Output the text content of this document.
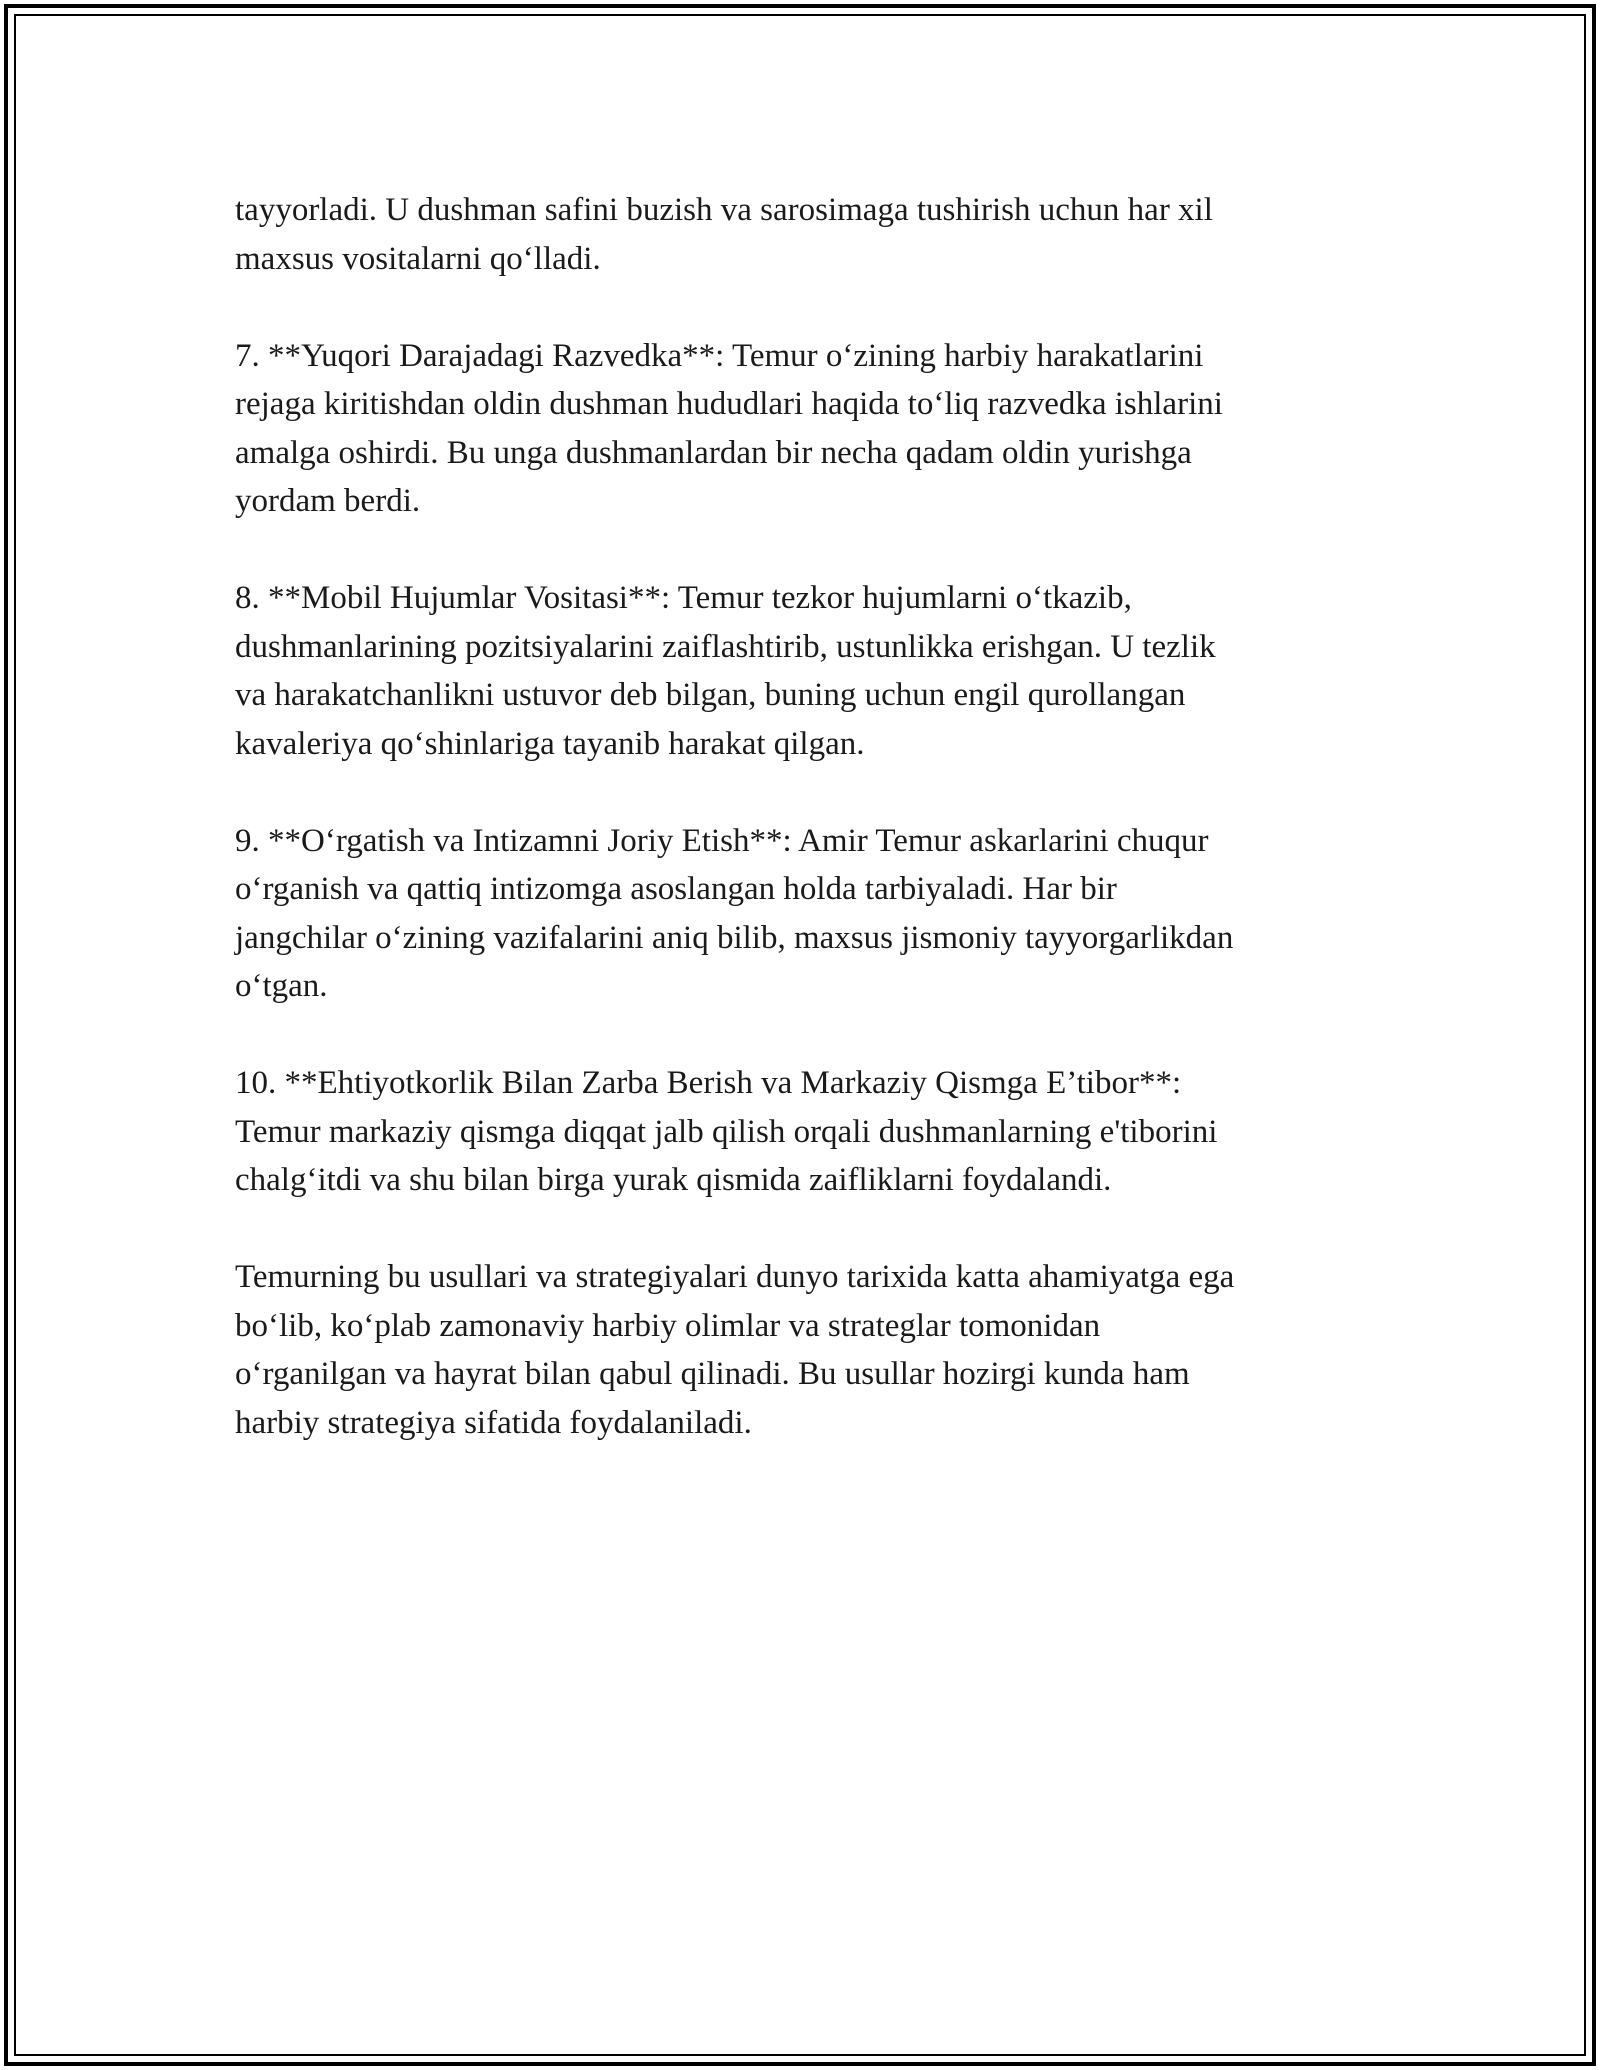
tayyorladi. U dushman safini buzish va sarosimaga tushirish uchun har xil
maxsus vositalarni qo‘lladi.

7. **Yuqori Darajadagi Razvedka**: Temur o‘zining harbiy harakatlarini
rejaga kiritishdan oldin dushman hududlari haqida to‘liq razvedka ishlarini
amalga oshirdi. Bu unga dushmanlardan bir necha qadam oldin yurishga
yordam berdi.

8. **Mobil Hujumlar Vositasi**: Temur tezkor hujumlarni o‘tkazib,
dushmanlarining pozitsiyalarini zaiflashtirib, ustunlikka erishgan. U tezlik
va harakatchanlikni ustuvor deb bilgan, buning uchun engil qurollangan
kavaleriya qo‘shinlariga tayanib harakat qilgan.

9. **O‘rgatish va Intizamni Joriy Etish**: Amir Temur askarlarini chuqur
o‘rganish va qattiq intizomga asoslangan holda tarbiyaladi. Har bir
jangchilar o‘zining vazifalarini aniq bilib, maxsus jismoniy tayyorgarlikdan
o‘tgan.

10. **Ehtiyotkorlik Bilan Zarba Berish va Markaziy Qismga E’tibor**:
Temur markaziy qismga diqqat jalb qilish orqali dushmanlarning e'tiborini
chalg‘itdi va shu bilan birga yurak qismida zaifliklarni foydalandi.

Temurning bu usullari va strategiyalari dunyo tarixida katta ahamiyatga ega
bo‘lib, ko‘plab zamonaviy harbiy olimlar va strateglar tomonidan
o‘rganilgan va hayrat bilan qabul qilinadi. Bu usullar hozirgi kunda ham
harbiy strategiya sifatida foydalaniladi.
